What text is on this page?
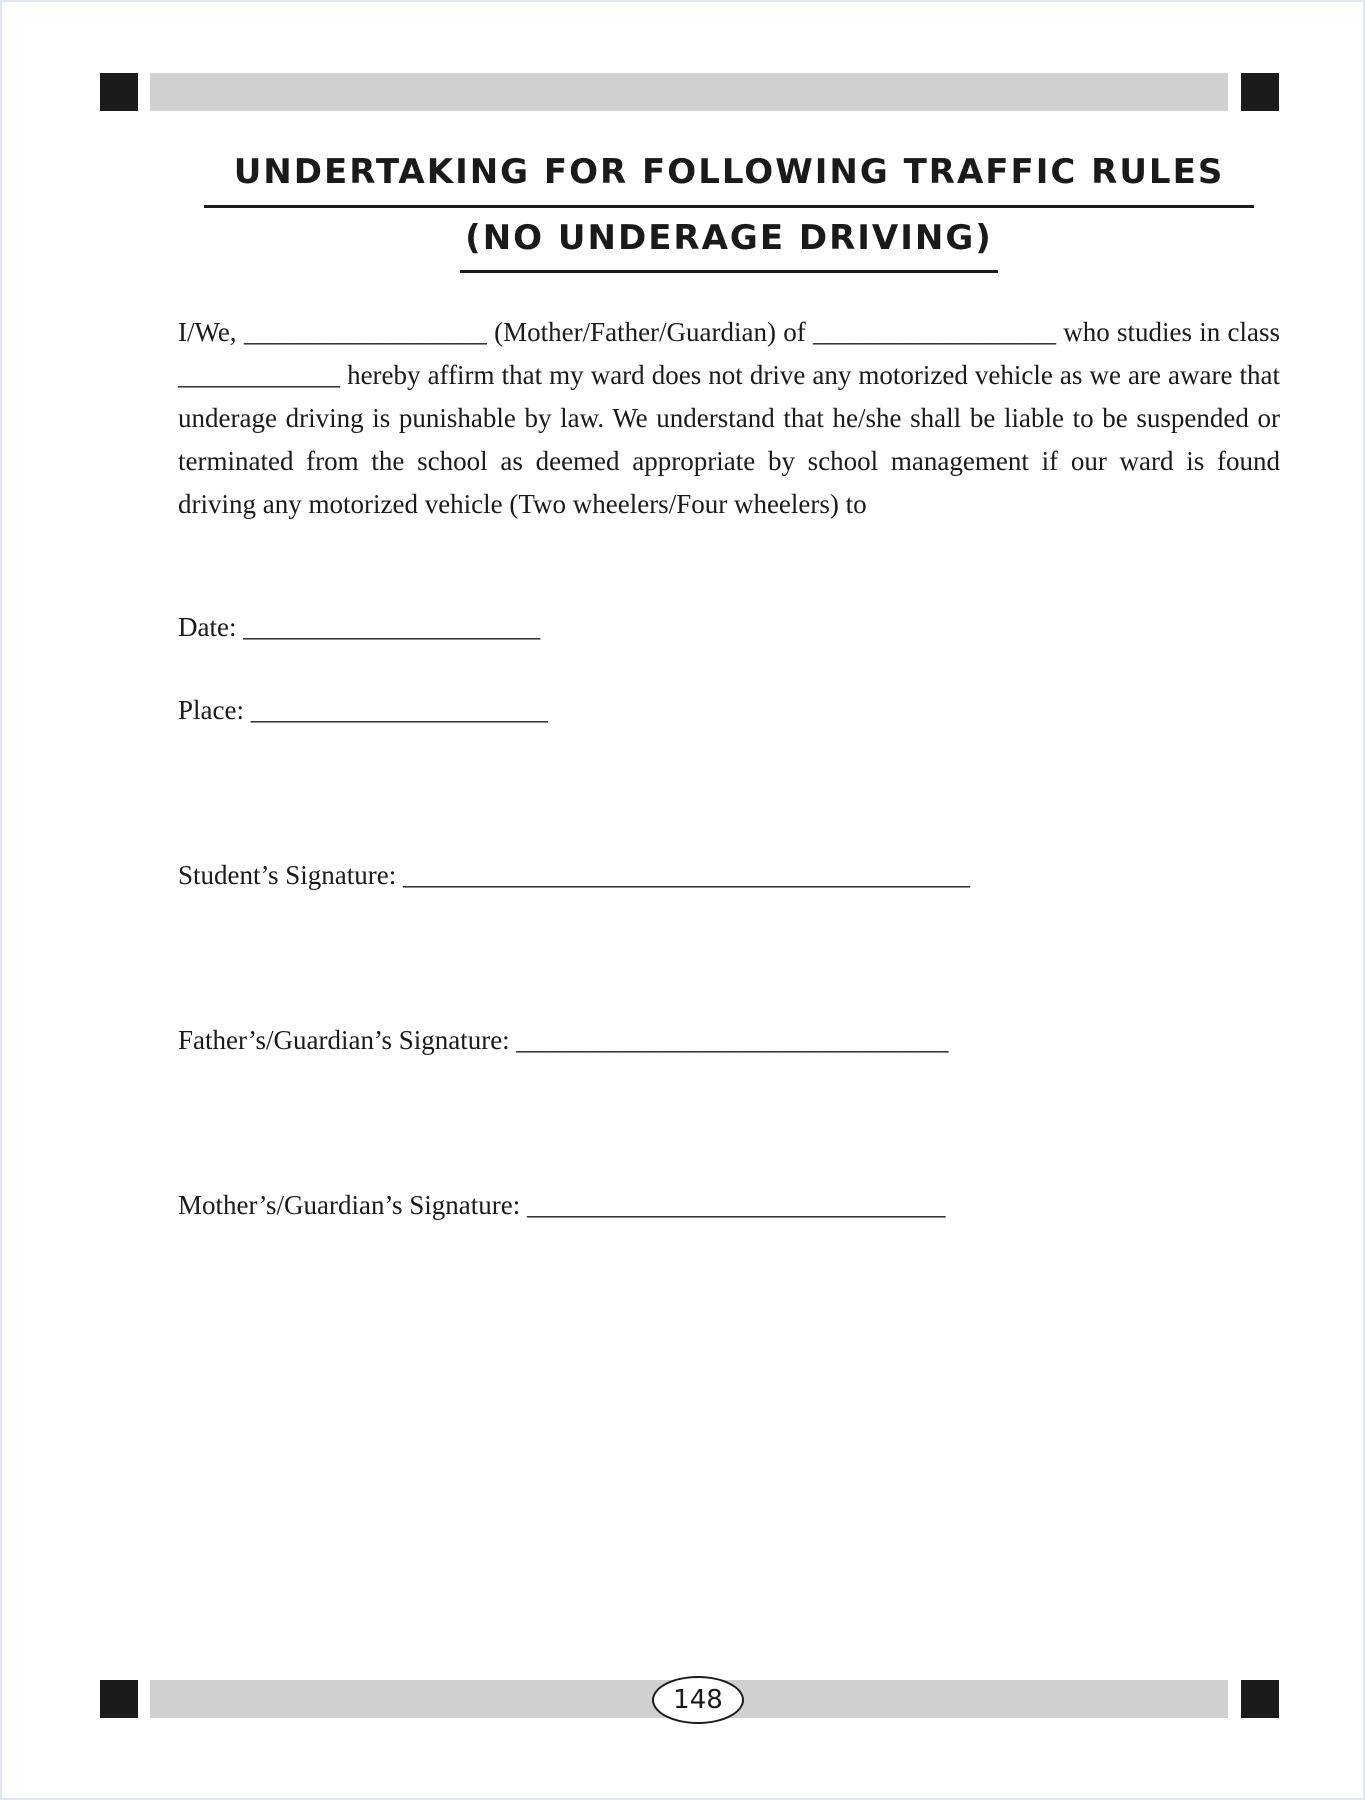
UNDERTAKING FOR FOLLOWING TRAFFIC RULES
(NO UNDERAGE DRIVING)
I/We, __________________ (Mother/Father/Guardian) of __________________ who studies in class ____________ hereby affirm that my ward does not drive any motorized vehicle as we are aware that underage driving is punishable by law. We understand that he/she shall be liable to be suspended or terminated from the school as deemed appropriate by school management if our ward is found driving any motorized vehicle (Two wheelers/Four wheelers) to
Date: ______________________
Place: ______________________
Student’s Signature: __________________________________________
Father’s/Guardian’s Signature: ________________________________
Mother’s/Guardian’s Signature: _______________________________
148
